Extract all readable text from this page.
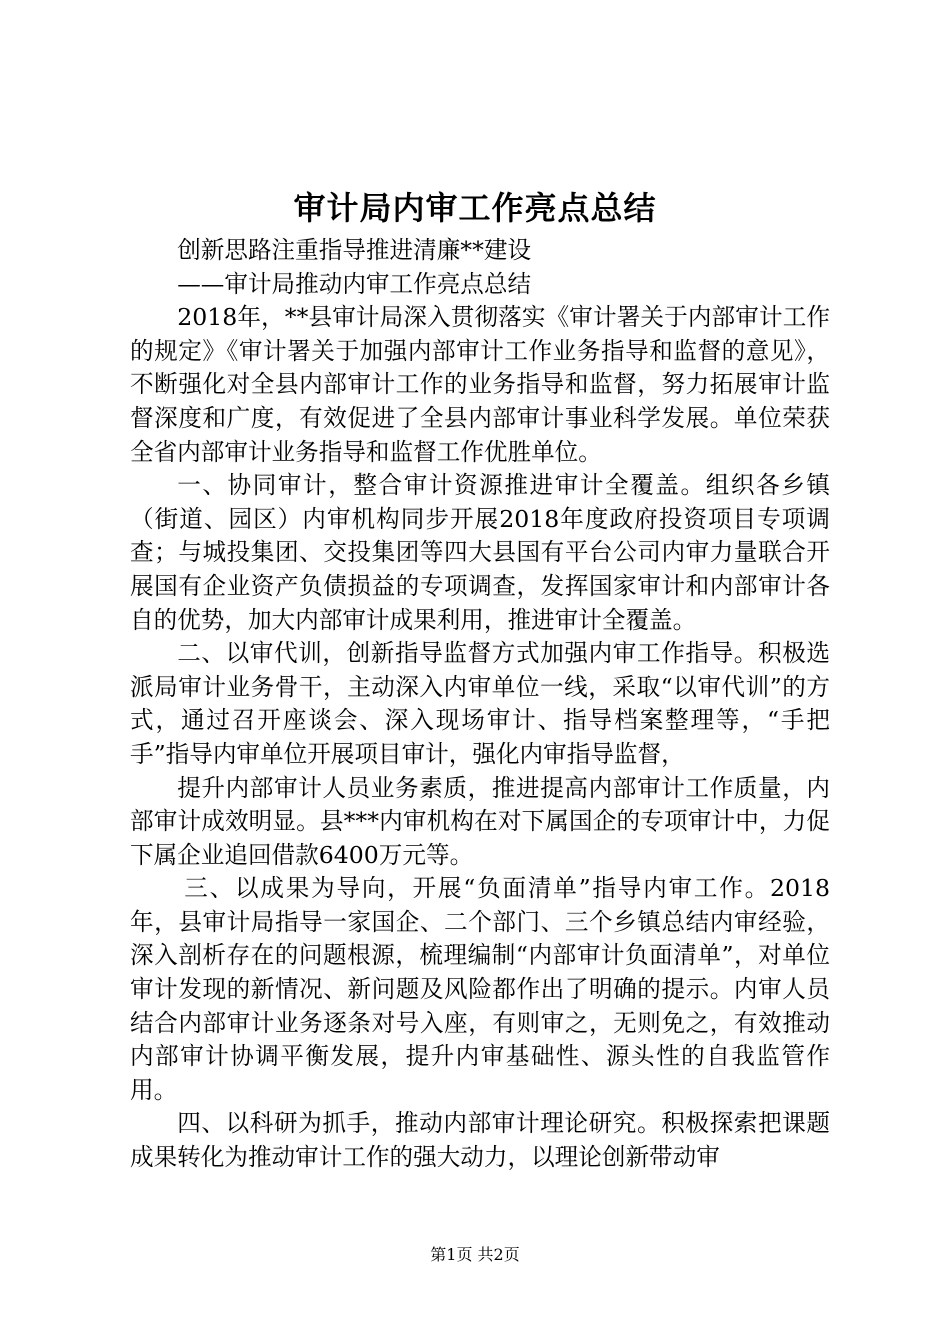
审计局内审工作亮点总结

创新思路注重指导推进清廉**建设

——审计局推动内审工作亮点总结

2018年，**县审计局深入贯彻落实《审计署关于内部审计工作的规定》《审计署关于加强内部审计工作业务指导和监督的意见》，不断强化对全县内部审计工作的业务指导和监督，努力拓展审计监督深度和广度，有效促进了全县内部审计事业科学发展。单位荣获全省内部审计业务指导和监督工作优胜单位。

一、协同审计，整合审计资源推进审计全覆盖。组织各乡镇（街道、园区）内审机构同步开展2018年度政府投资项目专项调查；与城投集团、交投集团等四大县国有平台公司内审力量联合开展国有企业资产负债损益的专项调查，发挥国家审计和内部审计各自的优势，加大内部审计成果利用，推进审计全覆盖。

二、以审代训，创新指导监督方式加强内审工作指导。积极选派局审计业务骨干，主动深入内审单位一线，采取“以审代训”的方式，通过召开座谈会、深入现场审计、指导档案整理等，“手把手”指导内审单位开展项目审计，强化内审指导监督，

提升内部审计人员业务素质，推进提高内部审计工作质量，内部审计成效明显。县***内审机构在对下属国企的专项审计中，力促下属企业追回借款6400万元等。

三、以成果为导向，开展“负面清单”指导内审工作。2018年，县审计局指导一家国企、二个部门、三个乡镇总结内审经验，深入剖析存在的问题根源，梳理编制“内部审计负面清单”，对单位审计发现的新情况、新问题及风险都作出了明确的提示。内审人员结合内部审计业务逐条对号入座，有则审之，无则免之，有效推动内部审计协调平衡发展，提升内审基础性、源头性的自我监管作用。

四、以科研为抓手，推动内部审计理论研究。积极探索把课题成果转化为推动审计工作的强大动力，以理论创新带动审

第1页 共2页
